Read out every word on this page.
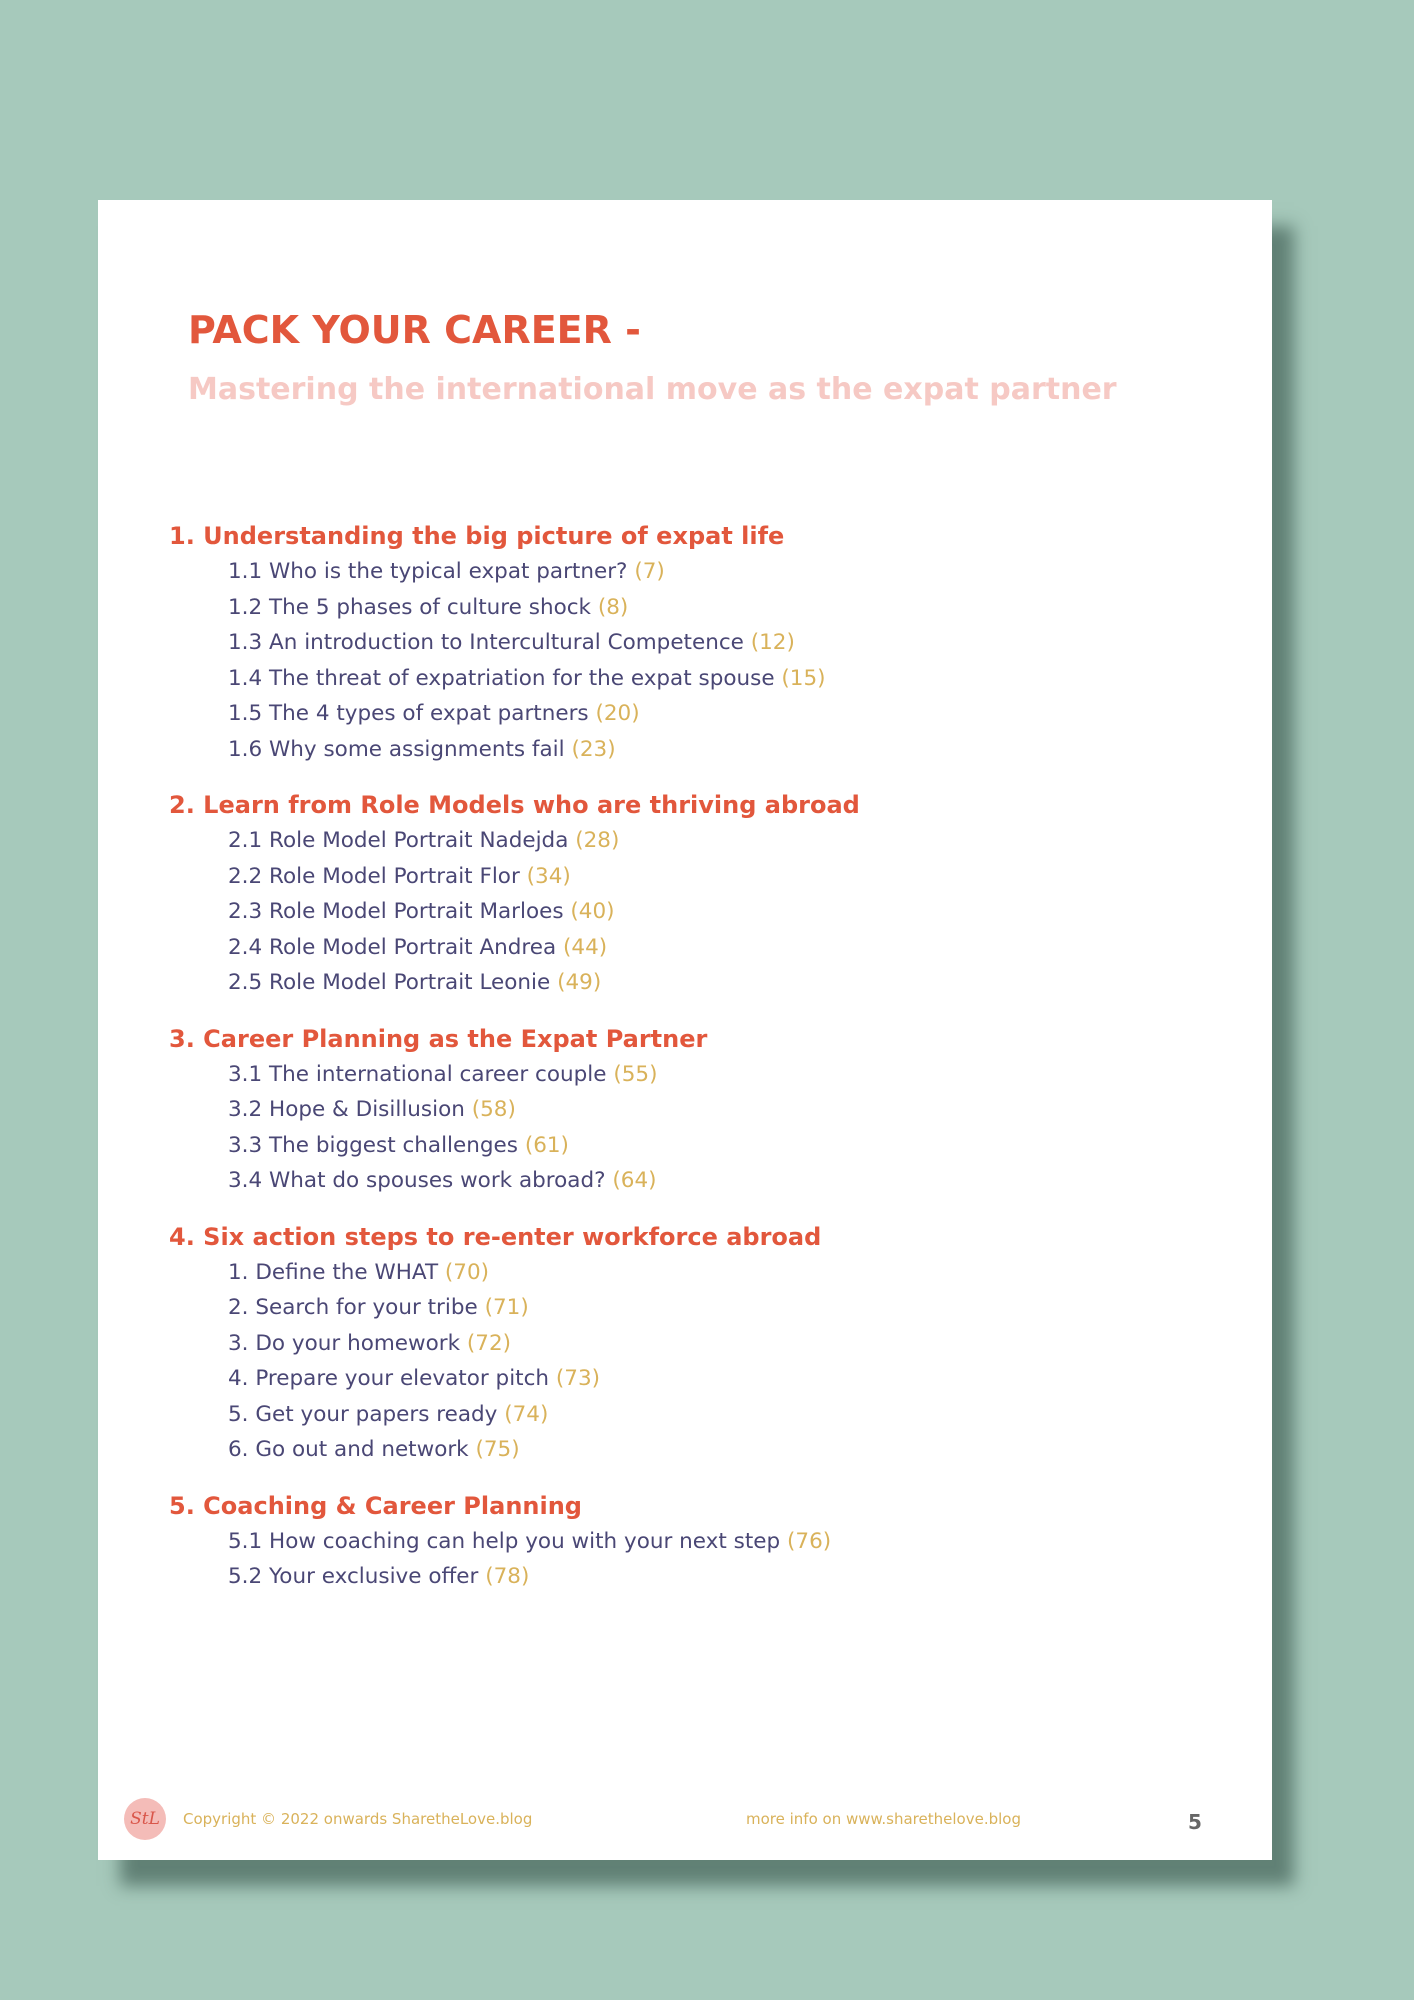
PACK YOUR CAREER -
Mastering the international move as the expat partner
1. Understanding the big picture of expat life
1.1 Who is the typical expat partner? (7)
1.2 The 5 phases of culture shock (8)
1.3 An introduction to Intercultural Competence (12)
1.4 The threat of expatriation for the expat spouse (15)
1.5 The 4 types of expat partners (20)
1.6 Why some assignments fail (23)
2. Learn from Role Models who are thriving abroad
2.1 Role Model Portrait Nadejda (28)
2.2 Role Model Portrait Flor (34)
2.3 Role Model Portrait Marloes (40)
2.4 Role Model Portrait Andrea (44)
2.5 Role Model Portrait Leonie (49)
3. Career Planning as the Expat Partner
3.1 The international career couple (55)
3.2 Hope & Disillusion (58)
3.3 The biggest challenges (61)
3.4 What do spouses work abroad? (64)
4. Six action steps to re-enter workforce abroad
1. Define the WHAT (70)
2. Search for your tribe (71)
3. Do your homework (72)
4. Prepare your elevator pitch (73)
5. Get your papers ready (74)
6. Go out and network (75)
5. Coaching & Career Planning
5.1 How coaching can help you with your next step (76)
5.2 Your exclusive offer (78)
StL Copyright © 2022 onwards SharetheLove.blog	more info on www.sharethelove.blog	5
